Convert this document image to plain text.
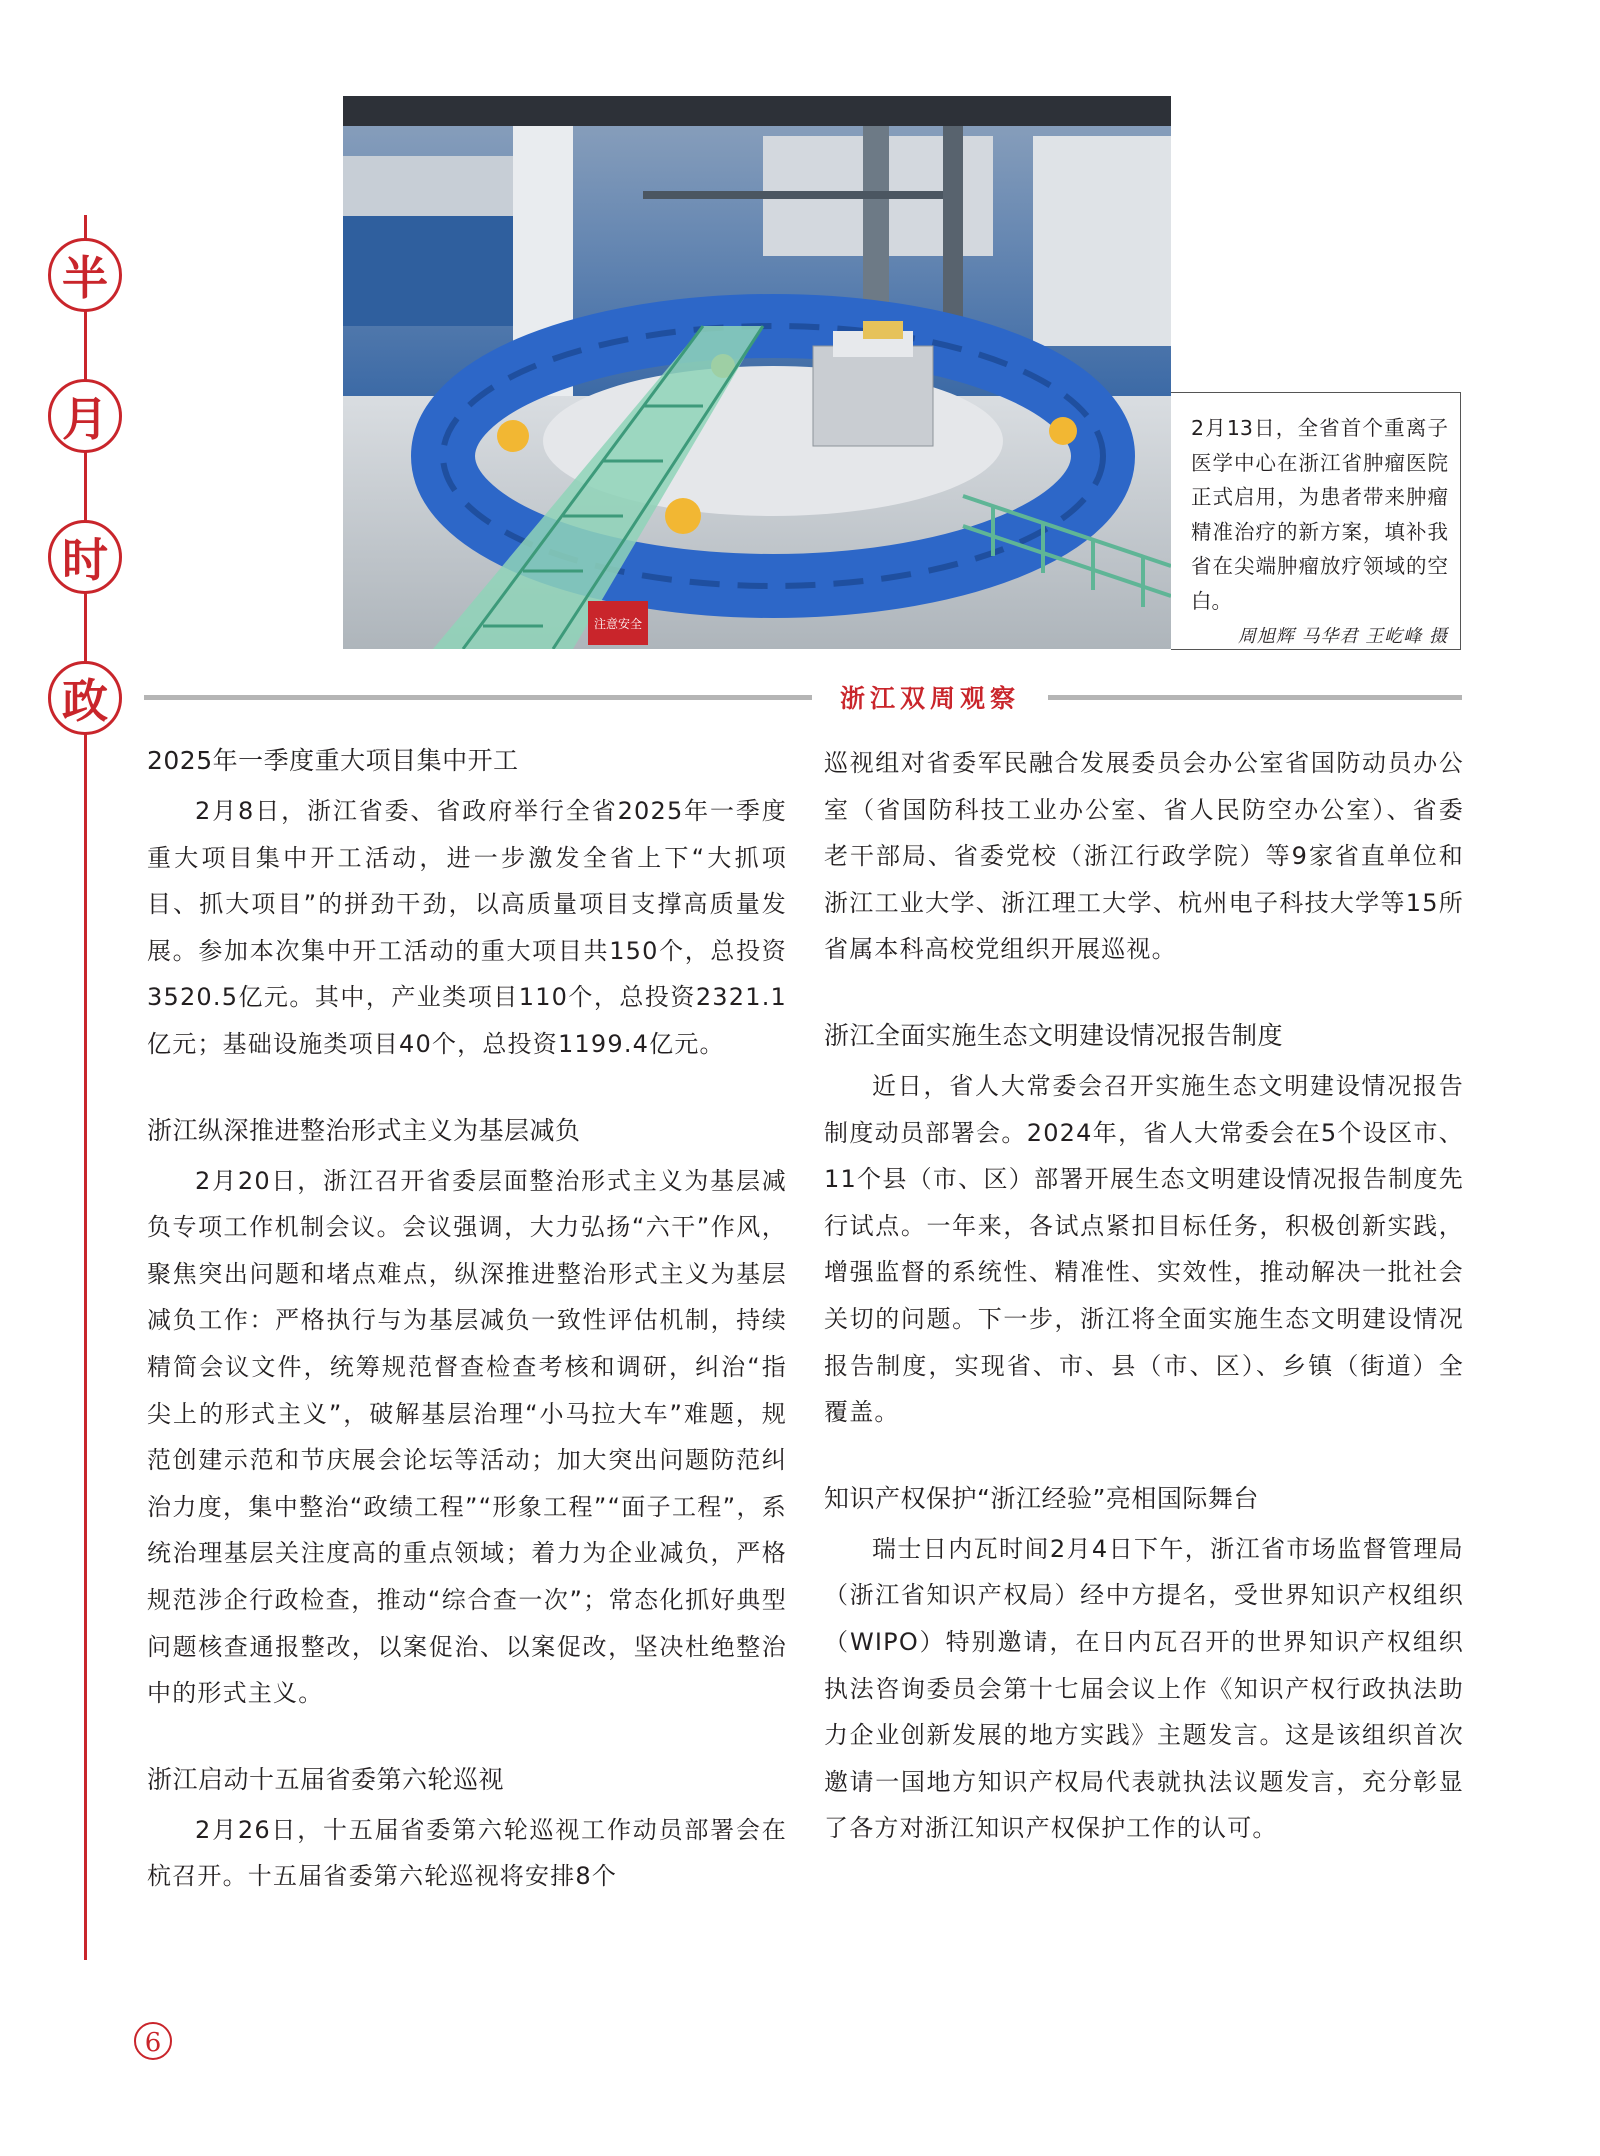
半
月
时
政
注意安全
2月13日，全省首个重离子医学中心在浙江省肿瘤医院正式启用，为患者带来肿瘤精准治疗的新方案，填补我省在尖端肿瘤放疗领域的空白。
周旭辉 马华君 王屹峰 摄
浙江双周观察
2025年一季度重大项目集中开工

2月8日，浙江省委、省政府举行全省2025年一季度重大项目集中开工活动，进一步激发全省上下“大抓项目、抓大项目”的拼劲干劲，以高质量项目支撑高质量发展。参加本次集中开工活动的重大项目共150个，总投资3520.5亿元。其中，产业类项目110个，总投资2321.1亿元；基础设施类项目40个，总投资1199.4亿元。

浙江纵深推进整治形式主义为基层减负

2月20日，浙江召开省委层面整治形式主义为基层减负专项工作机制会议。会议强调，大力弘扬“六干”作风，聚焦突出问题和堵点难点，纵深推进整治形式主义为基层减负工作：严格执行与为基层减负一致性评估机制，持续精简会议文件，统筹规范督查检查考核和调研，纠治“指尖上的形式主义”，破解基层治理“小马拉大车”难题，规范创建示范和节庆展会论坛等活动；加大突出问题防范纠治力度，集中整治“政绩工程”“形象工程”“面子工程”，系统治理基层关注度高的重点领域；着力为企业减负，严格规范涉企行政检查，推动“综合查一次”；常态化抓好典型问题核查通报整改，以案促治、以案促改，坚决杜绝整治中的形式主义。

浙江启动十五届省委第六轮巡视

2月26日，十五届省委第六轮巡视工作动员部署会在杭召开。十五届省委第六轮巡视将安排8个

巡视组对省委军民融合发展委员会办公室省国防动员办公室（省国防科技工业办公室、省人民防空办公室）、省委老干部局、省委党校（浙江行政学院）等9家省直单位和浙江工业大学、浙江理工大学、杭州电子科技大学等15所省属本科高校党组织开展巡视。

浙江全面实施生态文明建设情况报告制度

近日，省人大常委会召开实施生态文明建设情况报告制度动员部署会。2024年，省人大常委会在5个设区市、11个县（市、区）部署开展生态文明建设情况报告制度先行试点。一年来，各试点紧扣目标任务，积极创新实践，增强监督的系统性、精准性、实效性，推动解决一批社会关切的问题。下一步，浙江将全面实施生态文明建设情况报告制度，实现省、市、县（市、区）、乡镇（街道）全覆盖。

知识产权保护“浙江经验”亮相国际舞台

瑞士日内瓦时间2月4日下午，浙江省市场监督管理局（浙江省知识产权局）经中方提名，受世界知识产权组织（WIPO）特别邀请，在日内瓦召开的世界知识产权组织执法咨询委员会第十七届会议上作《知识产权行政执法助力企业创新发展的地方实践》主题发言。这是该组织首次邀请一国地方知识产权局代表就执法议题发言，充分彰显了各方对浙江知识产权保护工作的认可。

6
